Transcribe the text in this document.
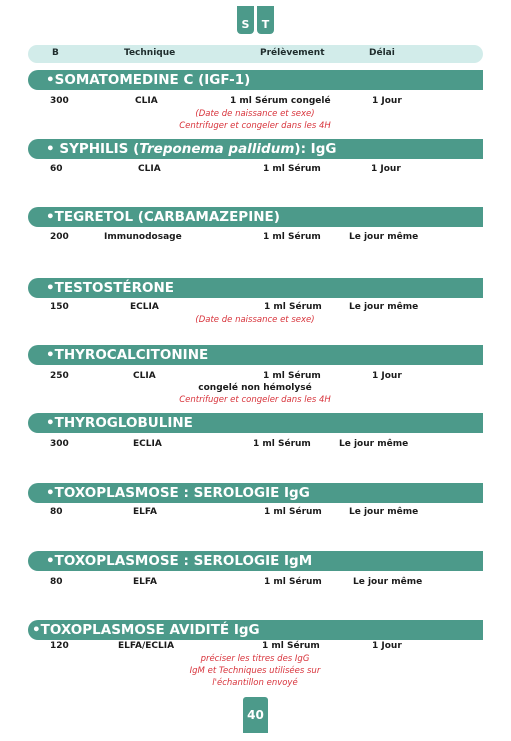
S	T
B	Technique	Prélèvement	Délai
•SOMATOMEDINE C (IGF-1)
300	CLIA	1 ml Sérum congelé	1 Jour
(Date de naissance et sexe)
Centrifuger et congeler dans les 4H
• SYPHILIS (Treponema pallidum): IgG
60	CLIA	1 ml Sérum	1 Jour
•TEGRETOL (CARBAMAZEPINE)
200	Immunodosage	1 ml Sérum	Le jour même
•TESTOSTÉRONE
150	ECLIA	1 ml Sérum	Le jour même
(Date de naissance et sexe)
•THYROCALCITONINE
250	CLIA	1 ml Sérum	1 Jour
congelé non hémolysé
Centrifuger et congeler dans les 4H
•THYROGLOBULINE
300	ECLIA	1 ml Sérum	Le jour même
•TOXOPLASMOSE : SEROLOGIE IgG
80	ELFA	1 ml Sérum	Le jour même
•TOXOPLASMOSE : SEROLOGIE IgM
80	ELFA	1 ml Sérum	Le jour même
•TOXOPLASMOSE AVIDITÉ IgG
120	ELFA/ECLIA	1 ml Sérum	1 Jour
préciser les titres des IgG
IgM et Techniques utilisées sur
l'échantillon envoyé
40
